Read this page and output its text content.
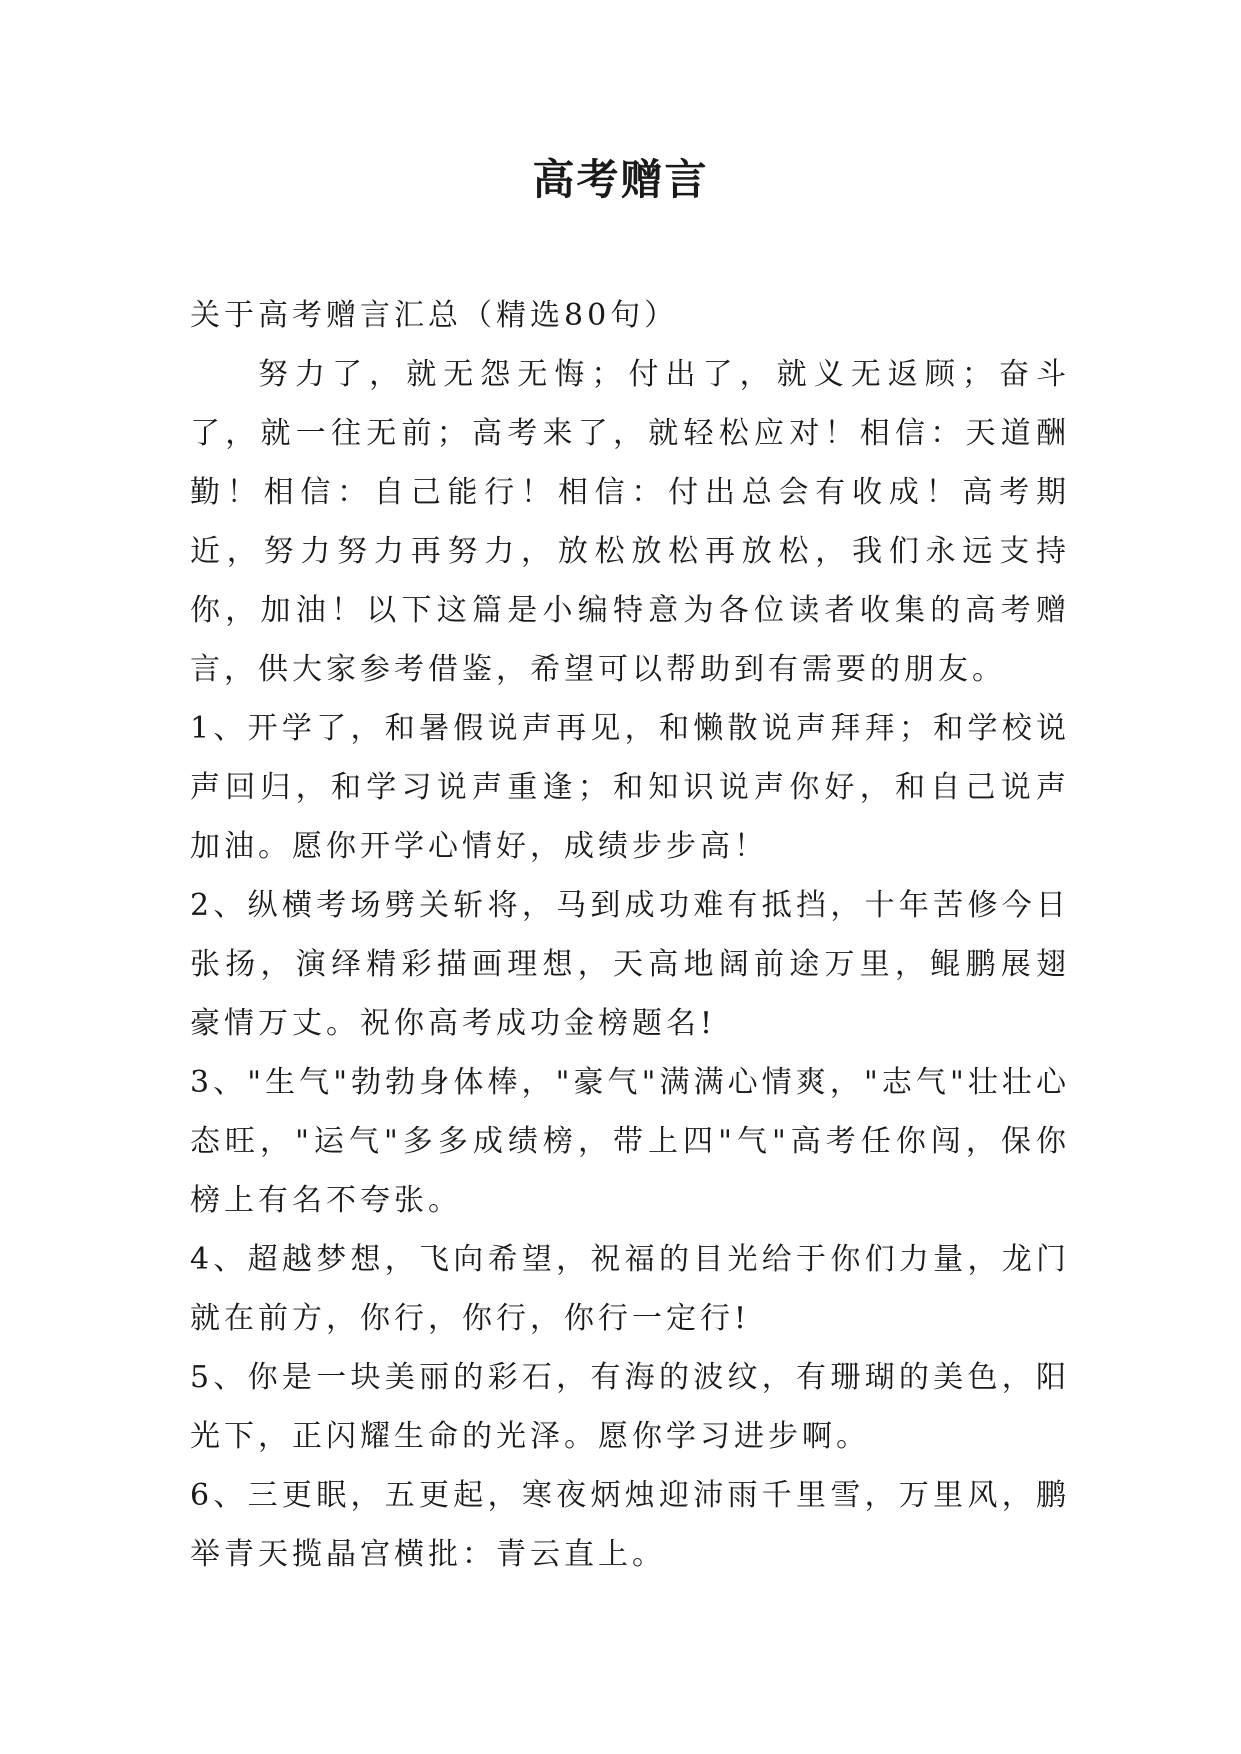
高考赠言

关于高考赠言汇总（精选80句）

努力了，就无怨无悔；付出了，就义无返顾；奋斗了，就一往无前；高考来了，就轻松应对！相信：天道酬勤！相信：自己能行！相信：付出总会有收成！高考期近，努力努力再努力，放松放松再放松，我们永远支持你，加油！以下这篇是小编特意为各位读者收集的高考赠言，供大家参考借鉴，希望可以帮助到有需要的朋友。

1、开学了，和暑假说声再见，和懒散说声拜拜；和学校说声回归，和学习说声重逢；和知识说声你好，和自己说声加油。愿你开学心情好，成绩步步高！

2、纵横考场劈关斩将，马到成功难有抵挡，十年苦修今日张扬，演绎精彩描画理想，天高地阔前途万里，鲲鹏展翅豪情万丈。祝你高考成功金榜题名!

3、"生气"勃勃身体棒，"豪气"满满心情爽，"志气"壮壮心态旺，"运气"多多成绩榜，带上四"气"高考任你闯，保你榜上有名不夸张。

4、超越梦想，飞向希望，祝福的目光给于你们力量，龙门就在前方，你行，你行，你行一定行!

5、你是一块美丽的彩石，有海的波纹，有珊瑚的美色，阳光下，正闪耀生命的光泽。愿你学习进步啊。

6、三更眠，五更起，寒夜炳烛迎沛雨千里雪，万里风，鹏举青天揽晶宫横批：青云直上。
